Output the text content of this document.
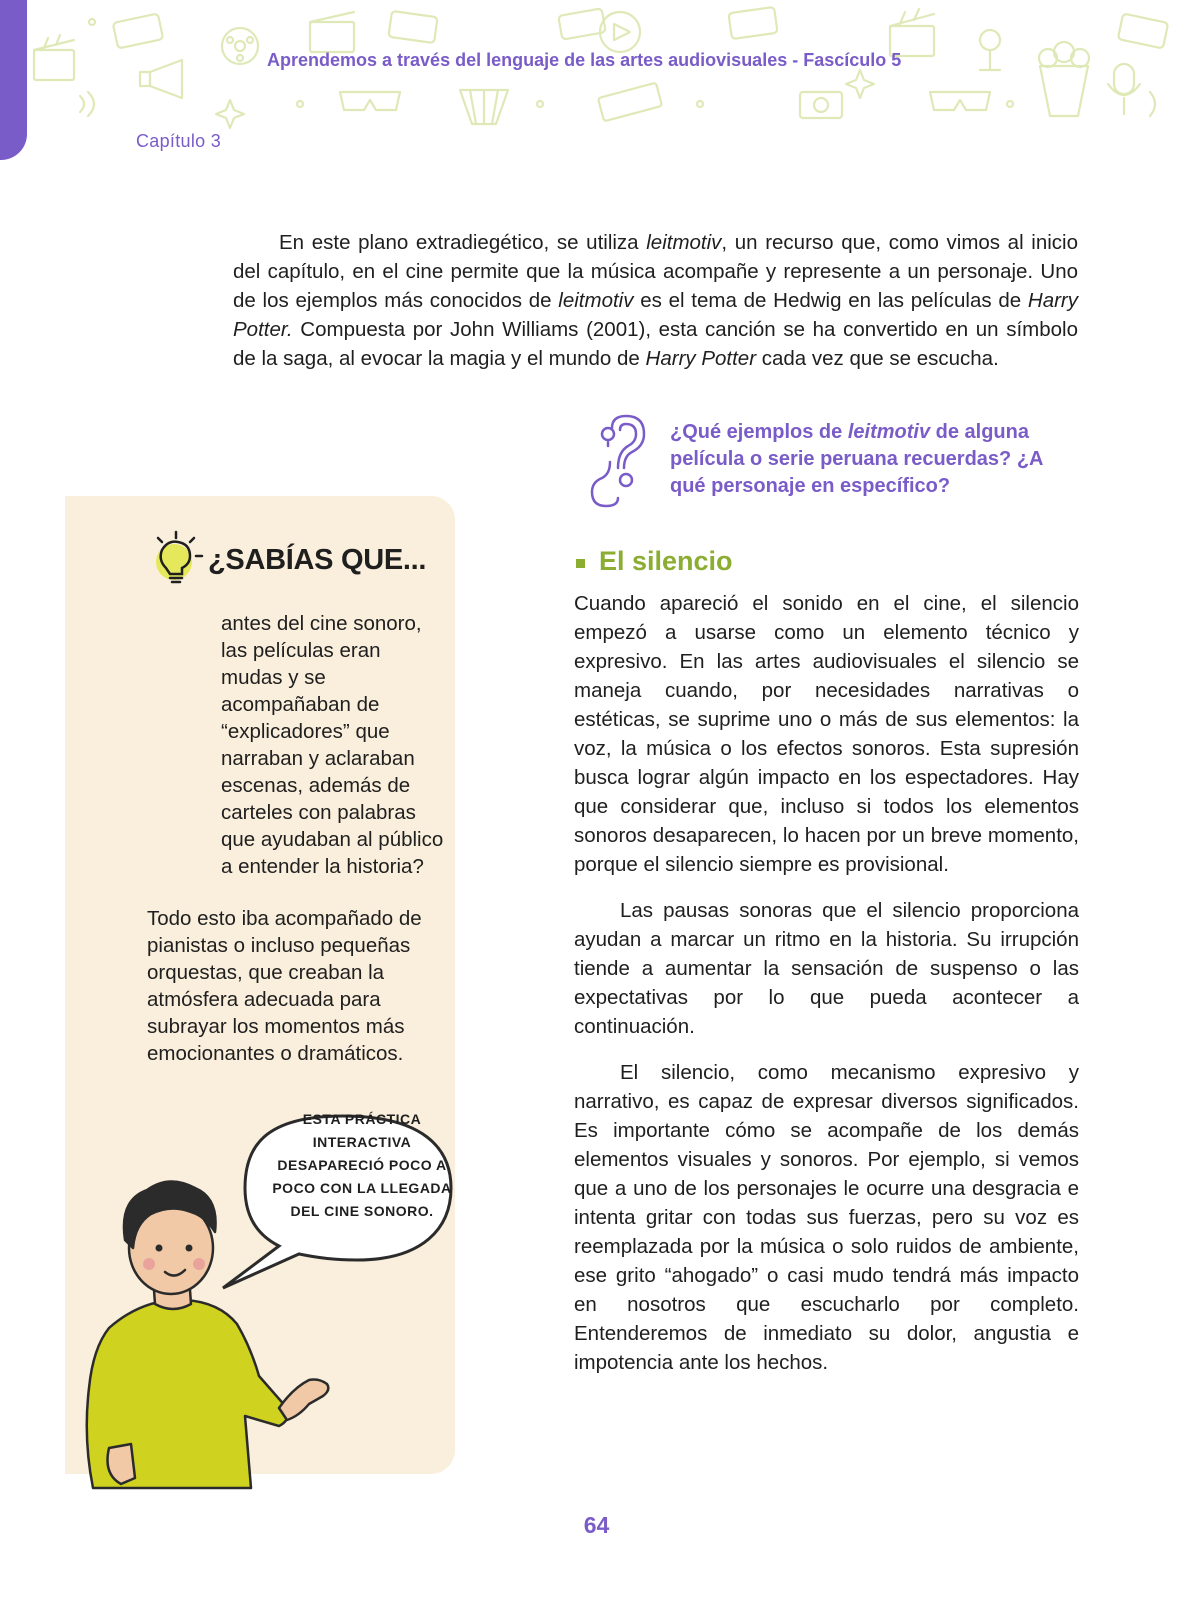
Aprendemos a través del lenguaje de las artes audiovisuales - Fascículo 5
Capítulo 3

En este plano extradiegético, se utiliza leitmotiv, un recurso que, como vimos al inicio del capítulo, en el cine permite que la música acompañe y represente a un personaje. Uno de los ejemplos más conocidos de leitmotiv es el tema de Hedwig en las películas de Harry Potter. Compuesta por John Williams (2001), esta canción se ha convertido en un símbolo de la saga, al evocar la magia y el mundo de Harry Potter cada vez que se escucha.

¿Qué ejemplos de leitmotiv de alguna película o serie peruana recuerdas? ¿A qué personaje en específico?

¿SABÍAS QUE...

antes del cine sonoro, las películas eran mudas y se acompañaban de “explicadores” que narraban y aclaraban escenas, además de carteles con palabras que ayudaban al público a entender la historia?

Todo esto iba acompañado de pianistas o incluso pequeñas orquestas, que creaban la atmósfera adecuada para subrayar los momentos más emocionantes o dramáticos.

ESTA PRÁCTICA INTERACTIVA DESAPARECIÓ POCO A POCO CON LA LLEGADA DEL CINE SONORO.
El silencio

Cuando apareció el sonido en el cine, el silencio empezó a usarse como un elemento técnico y expresivo. En las artes audiovisuales el silencio se maneja cuando, por necesidades narrativas o estéticas, se suprime uno o más de sus elementos: la voz, la música o los efectos sonoros. Esta supresión busca lograr algún impacto en los espectadores. Hay que considerar que, incluso si todos los elementos sonoros desaparecen, lo hacen por un breve momento, porque el silencio siempre es provisional.

Las pausas sonoras que el silencio proporciona ayudan a marcar un ritmo en la historia. Su irrupción tiende a aumentar la sensación de suspenso o las expectativas por lo que pueda acontecer a continuación.

El silencio, como mecanismo expresivo y narrativo, es capaz de expresar diversos significados. Es importante cómo se acompañe de los demás elementos visuales y sonoros. Por ejemplo, si vemos que a uno de los personajes le ocurre una desgracia e intenta gritar con todas sus fuerzas, pero su voz es reemplazada por la música o solo ruidos de ambiente, ese grito “ahogado” o casi mudo tendrá más impacto en nosotros que escucharlo por completo. Entenderemos de inmediato su dolor, angustia e impotencia ante los hechos.

64
